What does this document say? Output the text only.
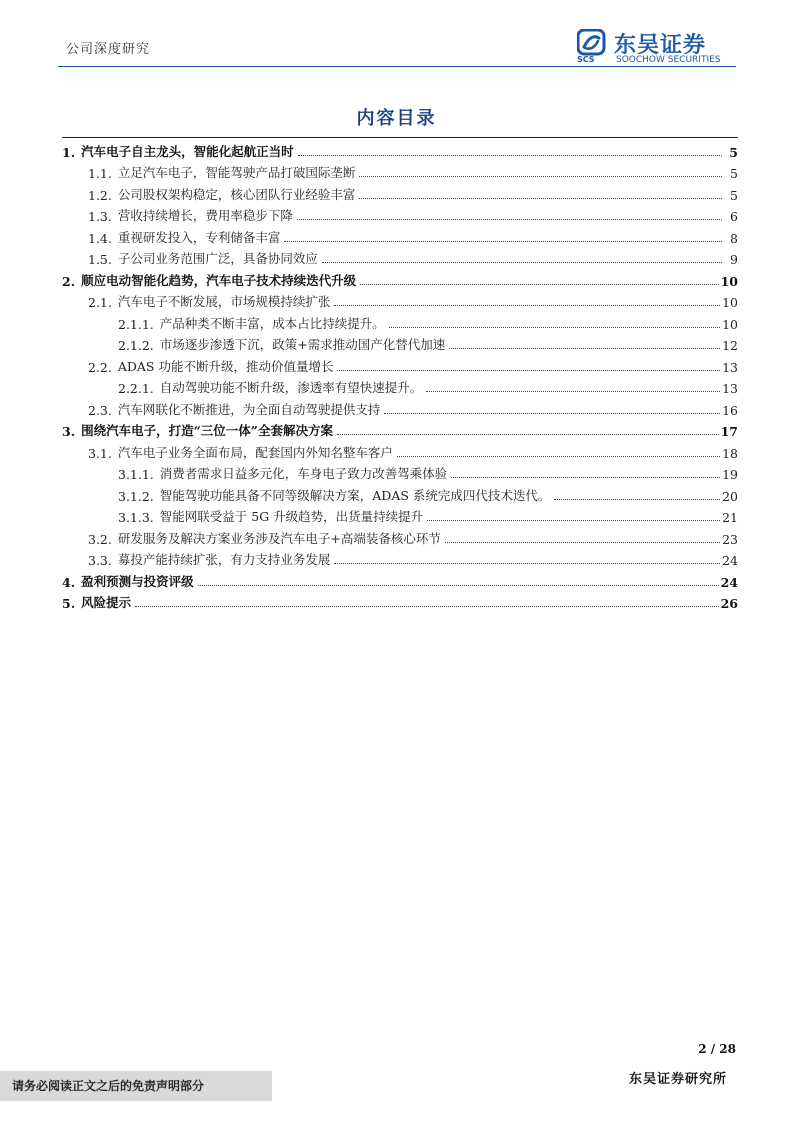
公司深度研究	东吴证券
SCS SOOCHOW SECURITIES
内容目录
1. 汽车电子自主龙头，智能化起航正当时	5
1.1. 立足汽车电子，智能驾驶产品打破国际垄断	5
1.2. 公司股权架构稳定，核心团队行业经验丰富	5
1.3. 营收持续增长，费用率稳步下降	6
1.4. 重视研发投入，专利储备丰富	8
1.5. 子公司业务范围广泛，具备协同效应	9
2. 顺应电动智能化趋势，汽车电子技术持续迭代升级	10
2.1. 汽车电子不断发展，市场规模持续扩张	10
2.1.1. 产品种类不断丰富，成本占比持续提升。	10
2.1.2. 市场逐步渗透下沉，政策+需求推动国产化替代加速	12
2.2. ADAS 功能不断升级，推动价值量增长	13
2.2.1. 自动驾驶功能不断升级，渗透率有望快速提升。	13
2.3. 汽车网联化不断推进，为全面自动驾驶提供支持	16
3. 围绕汽车电子，打造“三位一体”全套解决方案	17
3.1. 汽车电子业务全面布局，配套国内外知名整车客户	18
3.1.1. 消费者需求日益多元化，车身电子致力改善驾乘体验	19
3.1.2. 智能驾驶功能具备不同等级解决方案，ADAS 系统完成四代技术迭代。	20
3.1.3. 智能网联受益于 5G 升级趋势，出货量持续提升	21
3.2. 研发服务及解决方案业务涉及汽车电子+高端装备核心环节	23
3.3. 募投产能持续扩张，有力支持业务发展	24
4. 盈利预测与投资评级	24
5. 风险提示	26
2 / 28
请务必阅读正文之后的免责声明部分	东吴证券研究所
